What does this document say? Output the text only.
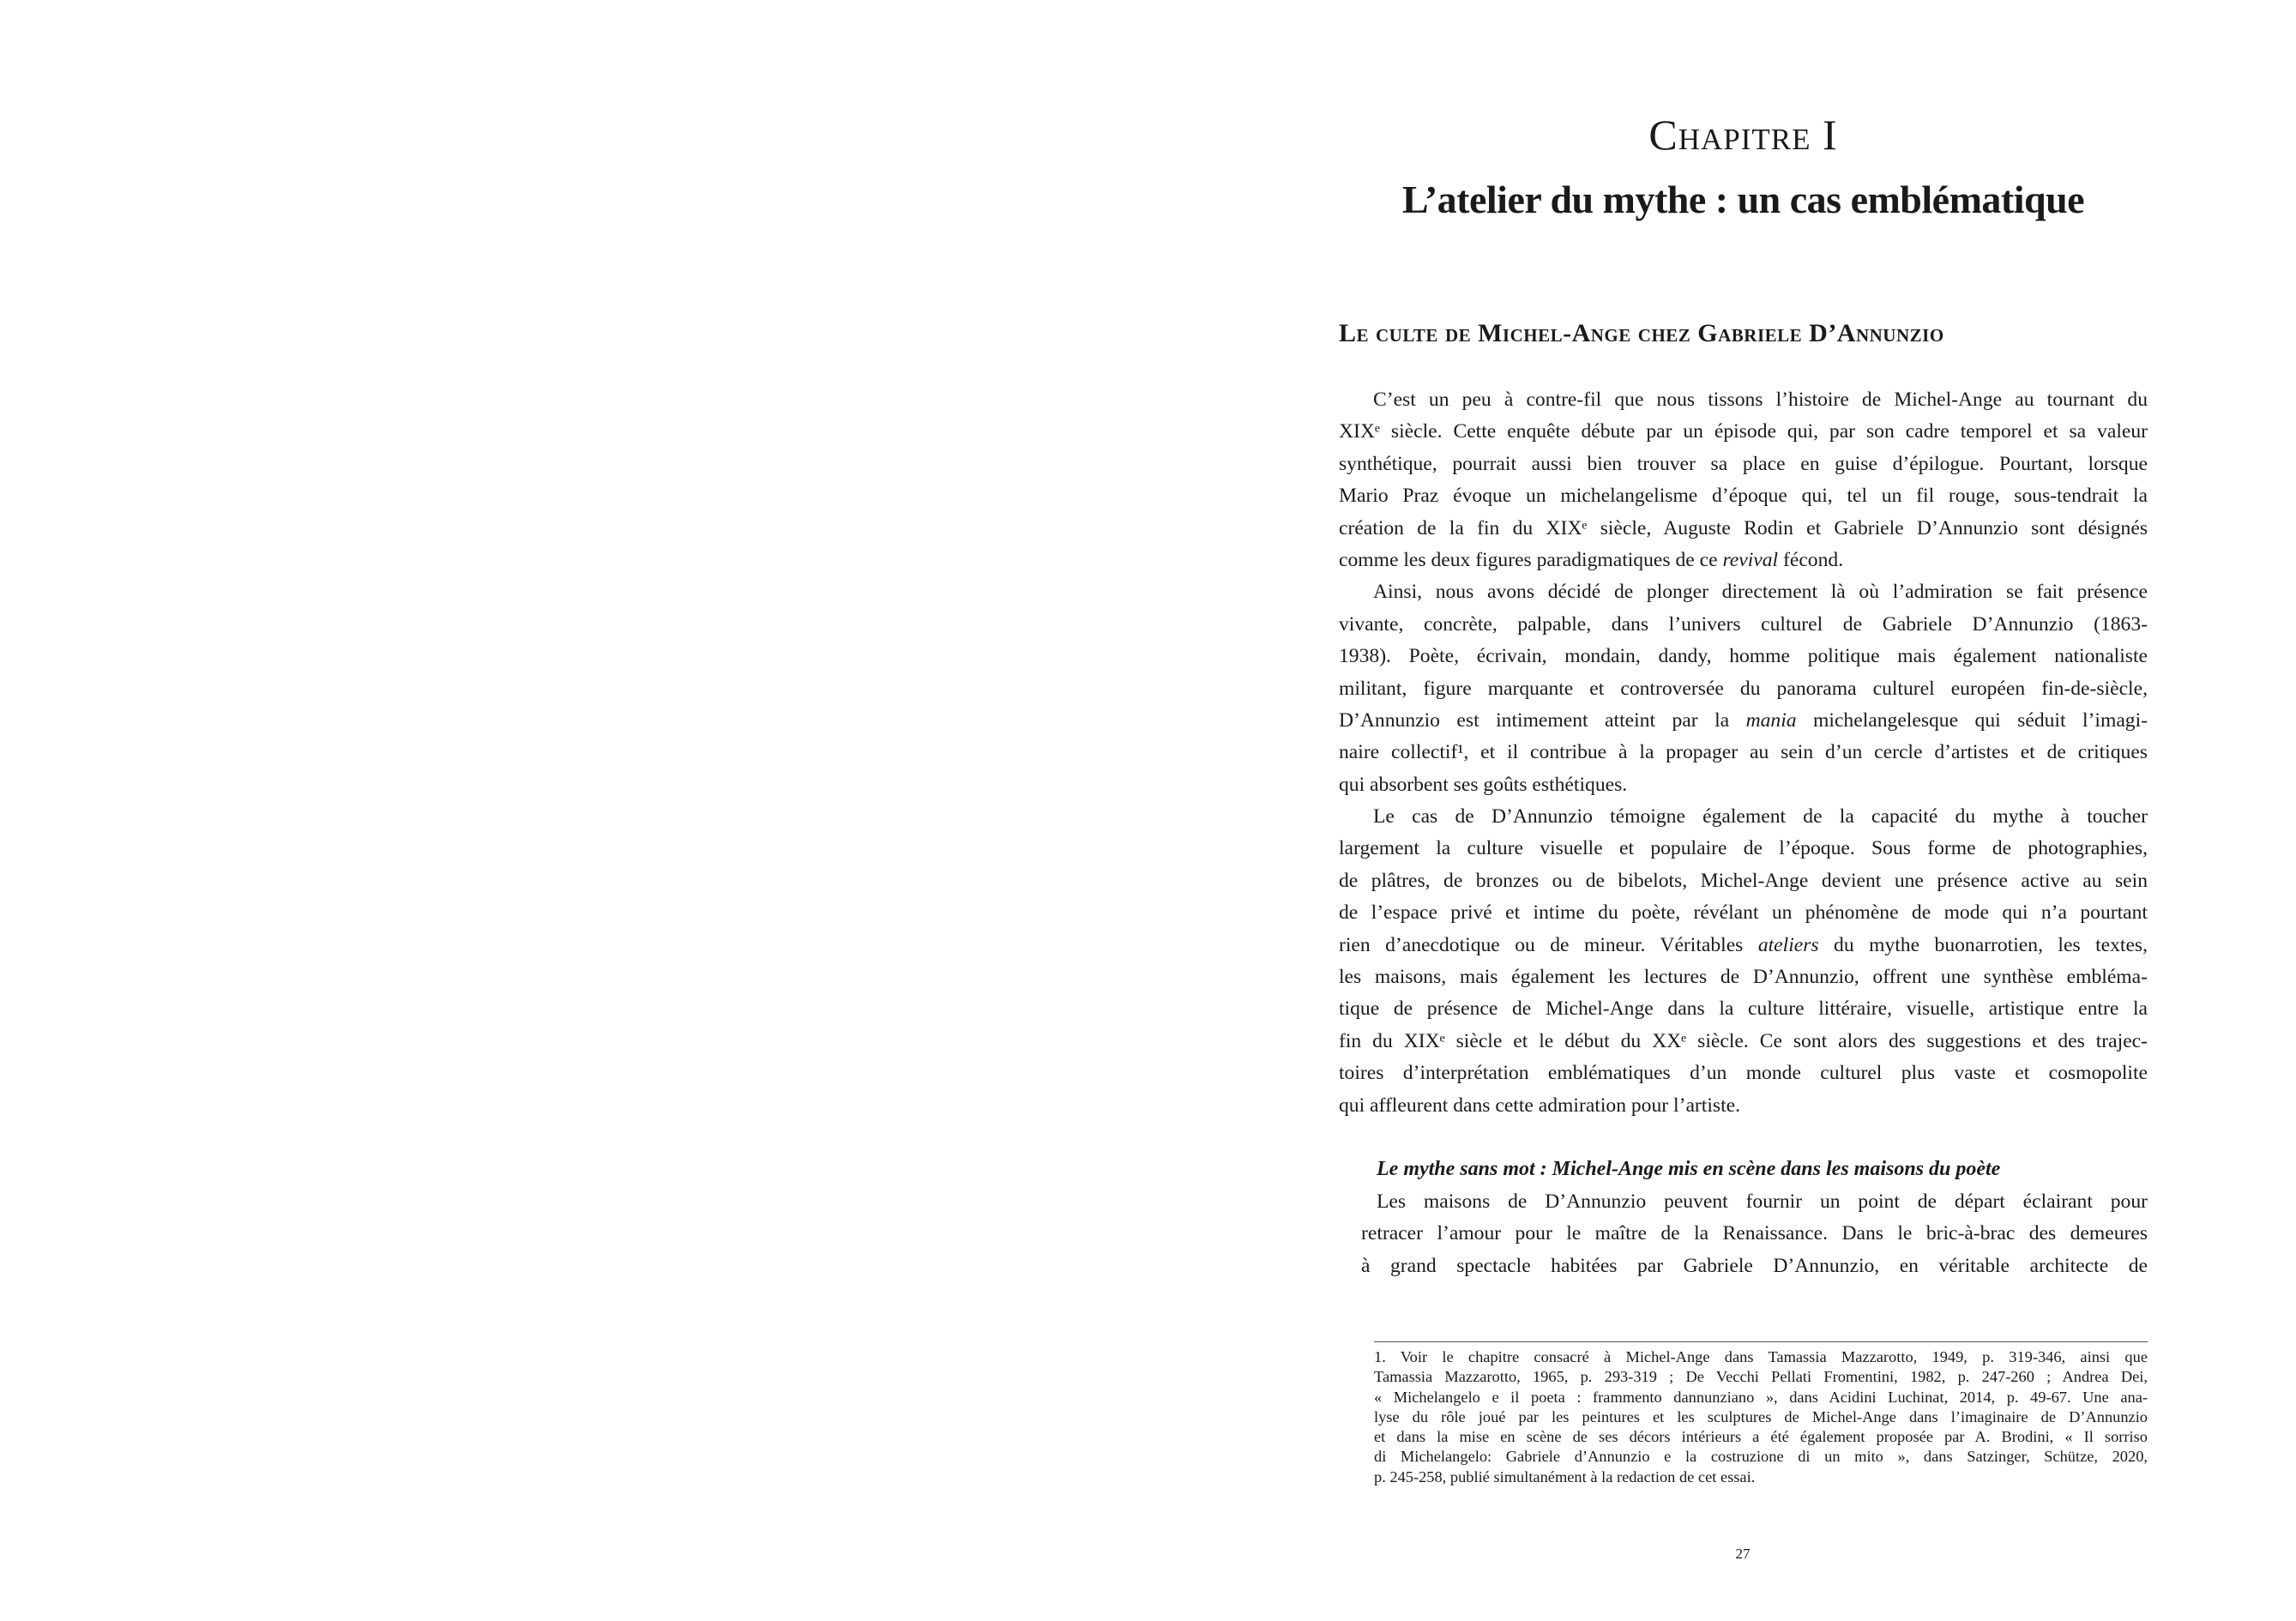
Chapitre I
L’atelier du mythe : un cas emblématique
Le culte de Michel-Ange chez Gabriele D’Annunzio
C’est un peu à contre-fil que nous tissons l’histoire de Michel-Ange au tournant du
XIXᵉ siècle. Cette enquête débute par un épisode qui, par son cadre temporel et sa valeur
synthétique, pourrait aussi bien trouver sa place en guise d’épilogue. Pourtant, lorsque
Mario Praz évoque un michelangelisme d’époque qui, tel un fil rouge, sous-tendrait la
création de la fin du XIXᵉ siècle, Auguste Rodin et Gabriele D’Annunzio sont désignés
comme les deux figures paradigmatiques de ce revival fécond.
Ainsi, nous avons décidé de plonger directement là où l’admiration se fait présence
vivante, concrète, palpable, dans l’univers culturel de Gabriele D’Annunzio (1863-
1938). Poète, écrivain, mondain, dandy, homme politique mais également nationaliste
militant, figure marquante et controversée du panorama culturel européen fin-de-siècle,
D’Annunzio est intimement atteint par la mania michelangelesque qui séduit l’imagi-
naire collectif¹, et il contribue à la propager au sein d’un cercle d’artistes et de critiques
qui absorbent ses goûts esthétiques.
Le cas de D’Annunzio témoigne également de la capacité du mythe à toucher
largement la culture visuelle et populaire de l’époque. Sous forme de photographies,
de plâtres, de bronzes ou de bibelots, Michel-Ange devient une présence active au sein
de l’espace privé et intime du poète, révélant un phénomène de mode qui n’a pourtant
rien d’anecdotique ou de mineur. Véritables ateliers du mythe buonarrotien, les textes,
les maisons, mais également les lectures de D’Annunzio, offrent une synthèse embléma-
tique de présence de Michel-Ange dans la culture littéraire, visuelle, artistique entre la
fin du XIXᵉ siècle et le début du XXᵉ siècle. Ce sont alors des suggestions et des trajec-
toires d’interprétation emblématiques d’un monde culturel plus vaste et cosmopolite
qui affleurent dans cette admiration pour l’artiste.
Le mythe sans mot : Michel-Ange mis en scène dans les maisons du poète
Les maisons de D’Annunzio peuvent fournir un point de départ éclairant pour
retracer l’amour pour le maître de la Renaissance. Dans le bric-à-brac des demeures
à grand spectacle habitées par Gabriele D’Annunzio, en véritable architecte de
1. Voir le chapitre consacré à Michel-Ange dans Tamassia Mazzarotto, 1949, p. 319-346, ainsi que
Tamassia Mazzarotto, 1965, p. 293-319 ; De Vecchi Pellati Fromentini, 1982, p. 247-260 ; Andrea Dei,
« Michelangelo e il poeta : frammento dannunziano », dans Acidini Luchinat, 2014, p. 49-67. Une ana-
lyse du rôle joué par les peintures et les sculptures de Michel-Ange dans l’imaginaire de D’Annunzio
et dans la mise en scène de ses décors intérieurs a été également proposée par A. Brodini, « Il sorriso
di Michelangelo: Gabriele d’Annunzio e la costruzione di un mito », dans Satzinger, Schütze, 2020,
p. 245-258, publié simultanément à la redaction de cet essai.
27
